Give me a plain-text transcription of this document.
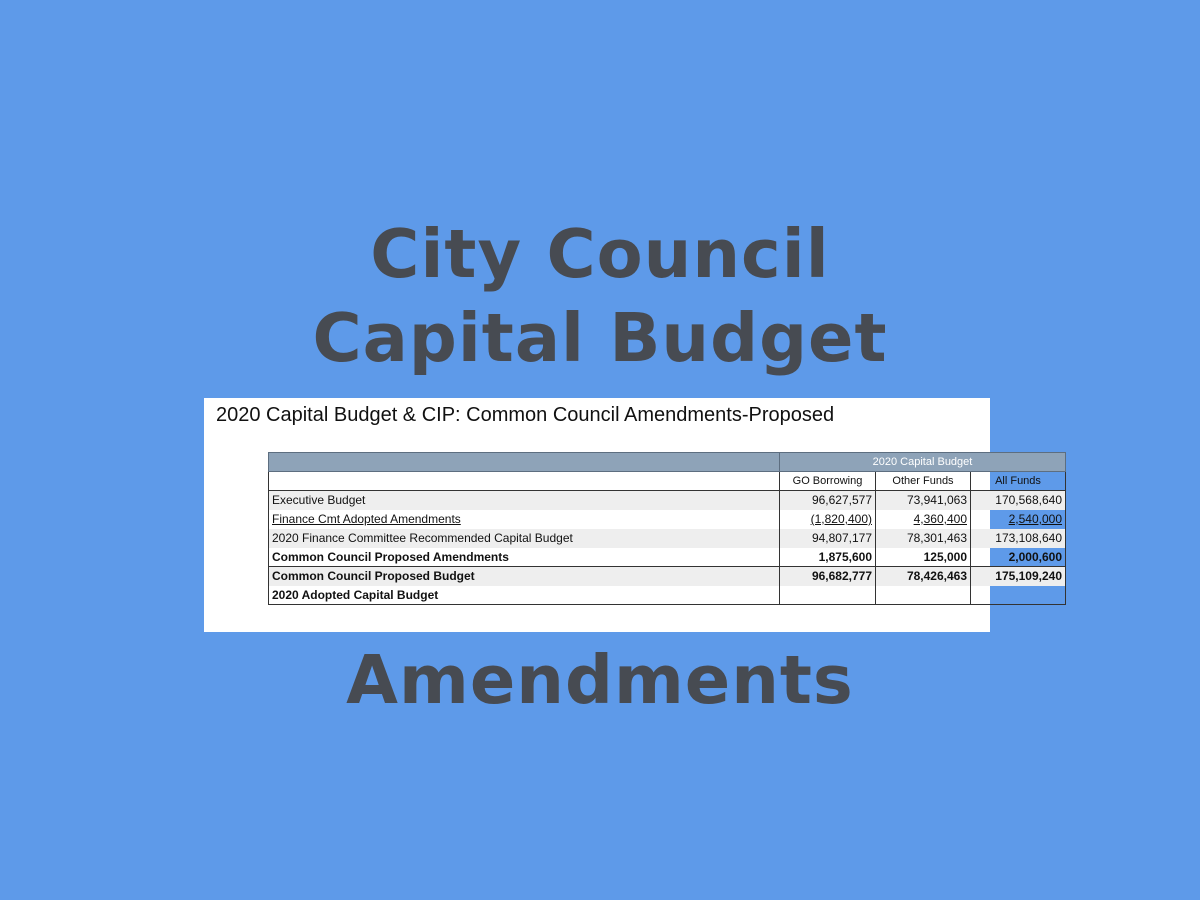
City Council
Capital Budget
2020 Capital Budget & CIP: Common Council Amendments-Proposed
	2020 Capital Budget		
	GO Borrowing	Other Funds	All Funds
Executive Budget	96,627,577	73,941,063	170,568,640
Finance Cmt Adopted Amendments	(1,820,400)	4,360,400	2,540,000
2020 Finance Committee Recommended Capital Budget	94,807,177	78,301,463	173,108,640
Common Council Proposed Amendments	1,875,600	125,000	2,000,600
Common Council Proposed Budget	96,682,777	78,426,463	175,109,240
2020 Adopted Capital Budget			
Amendments
